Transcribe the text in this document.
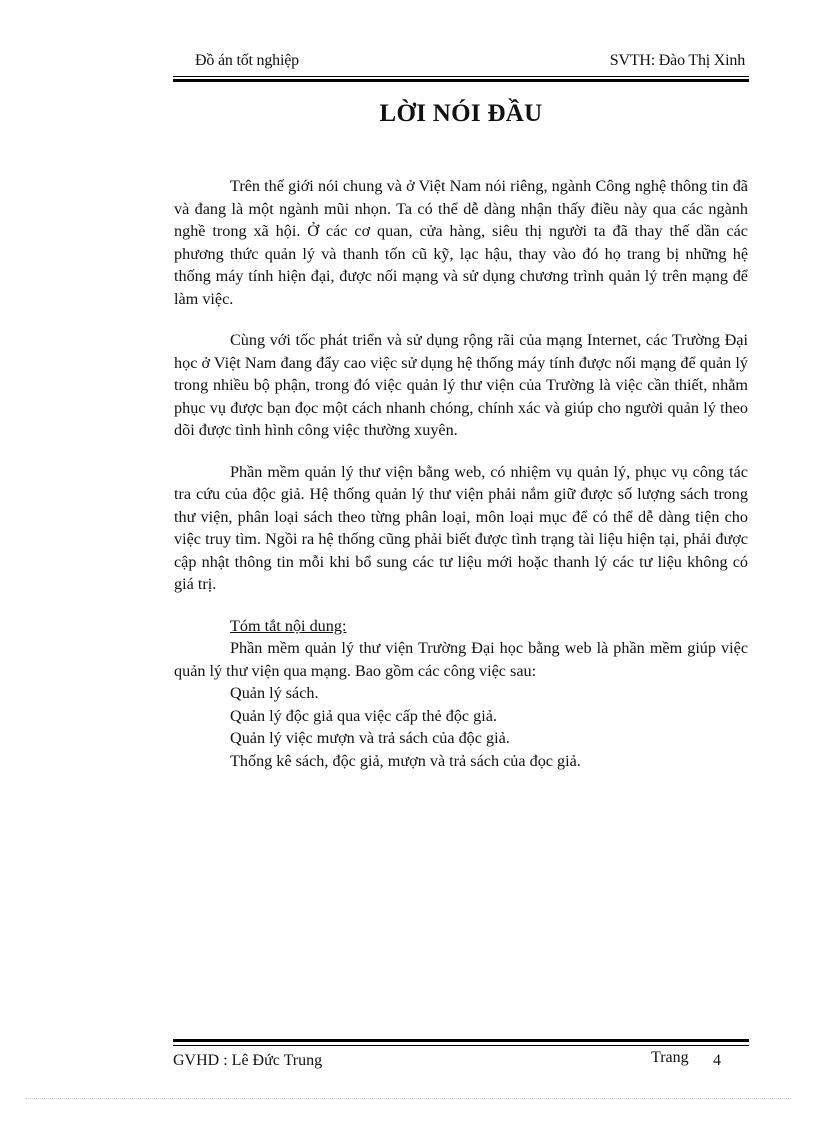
Đồ án tốt nghiệp	SVTH: Đào Thị Xinh
LỜI NÓI ĐẦU

Trên thế giới nói chung và ở Việt Nam nói riêng, ngành Công nghệ thông tin đã và đang là một ngành mũi nhọn. Ta có thể dễ dàng nhận thấy điều này qua các ngành nghề trong xã hội. Ở các cơ quan, cửa hàng, siêu thị người ta đã thay thế dần các phương thức quản lý và thanh tốn cũ kỹ, lạc hậu, thay vào đó họ trang bị những hệ thống máy tính hiện đại, được nối mạng và sử dụng chương trình quản lý trên mạng để làm việc.

Cùng với tốc phát triển và sử dụng rộng rãi của mạng Internet, các Trường Đại học ở Việt Nam đang đẩy cao việc sử dụng hệ thống máy tính được nối mạng để quản lý trong nhiều bộ phận, trong đó việc quản lý thư viện của Trường là việc cần thiết, nhằm phục vụ được bạn đọc một cách nhanh chóng, chính xác và giúp cho người quản lý theo dõi được tình hình công việc thường xuyên.

Phần mềm quản lý thư viện bằng web, có nhiệm vụ quản lý, phục vụ công tác tra cứu của độc giả. Hệ thống quản lý thư viện phải nắm giữ được số lượng sách trong thư viện, phân loại sách theo từng phân loại, môn loại mục để có thể dễ dàng tiện cho việc truy tìm. Ngồi ra hệ thống cũng phải biết được tình trạng tài liệu hiện tại, phải được cập nhật thông tin mỗi khi bổ sung các tư liệu mới hoặc thanh lý các tư liệu không có giá trị.

Tóm tắt nội dung:

Phần mềm quản lý thư viện Trường Đại học bằng web là phần mềm giúp việc quản lý thư viện qua mạng. Bao gồm các công việc sau:

Quản lý sách.

Quản lý độc giả qua việc cấp thẻ độc giả.

Quản lý việc mượn và trả sách của độc giả.

Thống kê sách, độc giả, mượn và trả sách của đọc giả.

GVHD : Lê Đức Trung	Trang 4
